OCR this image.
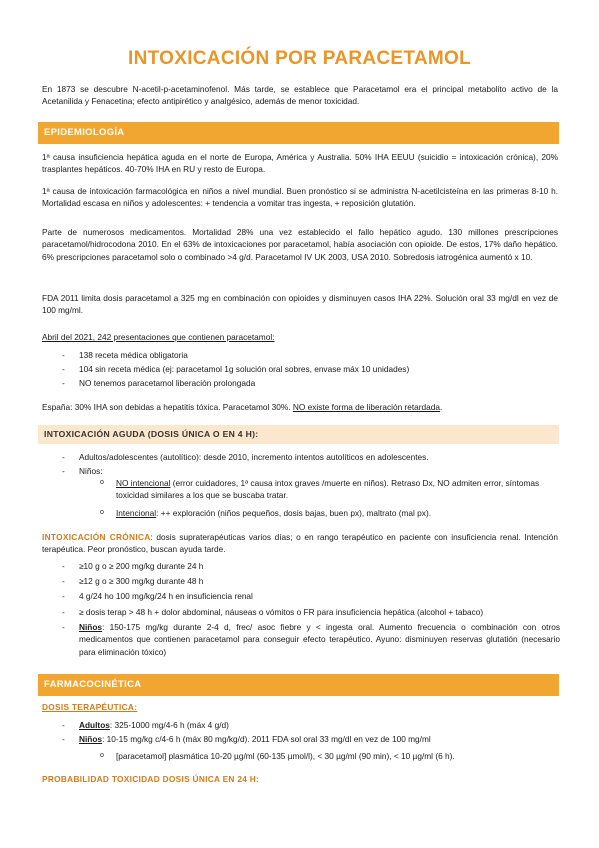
INTOXICACIÓN POR PARACETAMOL
En 1873 se descubre N-acetil-p-acetaminofenol. Más tarde, se establece que Paracetamol era el principal metabolito activo de la Acetanilida y Fenacetina; efecto antipirético y analgésico, además de menor toxicidad.
EPIDEMIOLOGÍA
1ª causa insuficiencia hepática aguda en el norte de Europa, América y Australia. 50% IHA EEUU (suicidio = intoxicación crónica), 20% trasplantes hepáticos. 40-70% IHA en RU y resto de Europa.
1ª causa de intoxicación farmacológica en niños a nivel mundial. Buen pronóstico si se administra N-acetilcisteína en las primeras 8-10 h. Mortalidad escasa en niños y adolescentes: + tendencia a vomitar tras ingesta, + reposición glutatión.
Parte de numerosos medicamentos. Mortalidad 28% una vez establecido el fallo hepático agudo. 130 millones prescripciones paracetamol/hidrocodona 2010. En el 63% de intoxicaciones por paracetamol, había asociación con opioide. De estos, 17% daño hepático. 6% prescripciones paracetamol solo o combinado >4 g/d. Paracetamol IV UK 2003, USA 2010. Sobredosis iatrogénica aumentó x 10.
FDA 2011 limita dosis paracetamol a 325 mg en combinación con opioides y disminuyen casos IHA 22%. Solución oral 33 mg/dl en vez de 100 mg/ml.
Abril del 2021, 242 presentaciones que contienen paracetamol:
- 138 receta médica obligatoria
- 104 sin receta médica (ej: paracetamol 1g solución oral sobres, envase máx 10 unidades)
- NO tenemos paracetamol liberación prolongada
España: 30% IHA son debidas a hepatitis tóxica. Paracetamol 30%. NO existe forma de liberación retardada.
INTOXICACIÓN AGUDA (DOSIS ÚNICA O EN 4 H):
- Adultos/adolescentes (autolítico): desde 2010, incremento intentos autolíticos en adolescentes.
- Niños:
o NO intencional (error cuidadores, 1ª causa intox graves /muerte en niños). Retraso Dx, NO admiten error, síntomas toxicidad similares a los que se buscaba tratar.
o Intencional: ++ exploración (niños pequeños, dosis bajas, buen px), maltrato (mal px).
INTOXICACIÓN CRÓNICA: dosis supraterapéuticas varios días; o en rango terapéutico en paciente con insuficiencia renal. Intención terapéutica. Peor pronóstico, buscan ayuda tarde.
- ≥10 g o ≥ 200 mg/kg durante 24 h
- ≥12 g o ≥ 300 mg/kg durante 48 h
- 4 g/24 ho 100 mg/kg/24 h en insuficiencia renal
- ≥ dosis terap > 48 h + dolor abdominal, náuseas o vómitos o FR para insuficiencia hepática (alcohol + tabaco)
- Niños: 150-175 mg/kg durante 2-4 d, frec/ asoc fiebre y < ingesta oral. Aumento frecuencia o combinación con otros medicamentos que contienen paracetamol para conseguir efecto terapéutico. Ayuno: disminuyen reservas glutatión (necesario para eliminación tóxico)
FARMACOCINÉTICA
DOSIS TERAPÉUTICA:
- Adultos: 325-1000 mg/4-6 h (máx 4 g/d)
- Niños: 10-15 mg/kg c/4-6 h (máx 80 mg/kg/d). 2011 FDA sol oral 33 mg/dl en vez de 100 mg/ml
o [paracetamol] plasmática 10-20 µg/ml (60-135 µmol/l), < 30 µg/ml (90 min), < 10 µg/ml (6 h).
PROBABILIDAD TOXICIDAD DOSIS ÚNICA EN 24 H:
